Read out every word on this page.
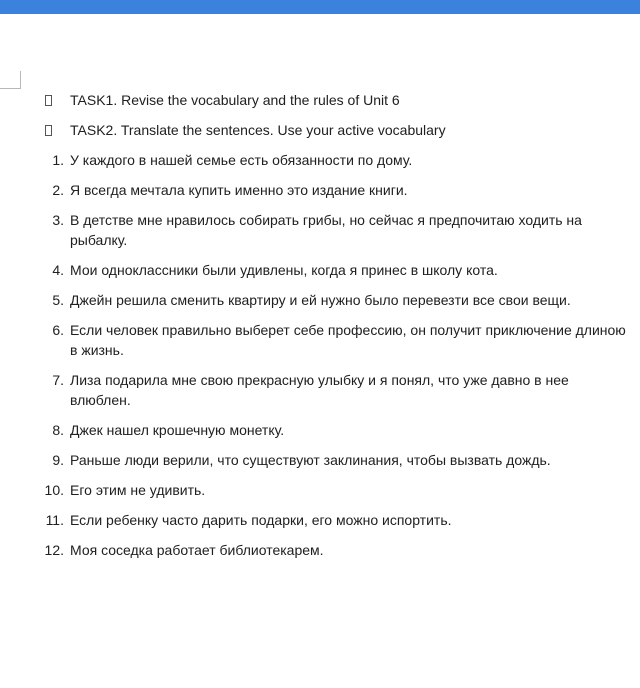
TASK1. Revise the vocabulary and the rules of Unit 6
TASK2. Translate the sentences. Use your active vocabulary
1. У каждого в нашей семье есть обязанности по дому.
2. Я всегда мечтала купить именно это издание книги.
3. В детстве мне нравилось собирать грибы, но сейчас я предпочитаю ходить на рыбалку.
4. Мои одноклассники были удивлены, когда я принес в школу кота.
5. Джейн решила сменить квартиру и ей нужно было перевезти все свои вещи.
6. Если человек правильно выберет себе профессию, он получит приключение длиною в жизнь.
7. Лиза подарила мне свою прекрасную улыбку и я понял, что уже давно в нее влюблен.
8. Джек нашел крошечную монетку.
9. Раньше люди верили, что существуют заклинания, чтобы вызвать дождь.
10. Его этим не удивить.
11. Если ребенку часто дарить подарки, его можно испортить.
12. Моя соседка работает библиотекарем.
